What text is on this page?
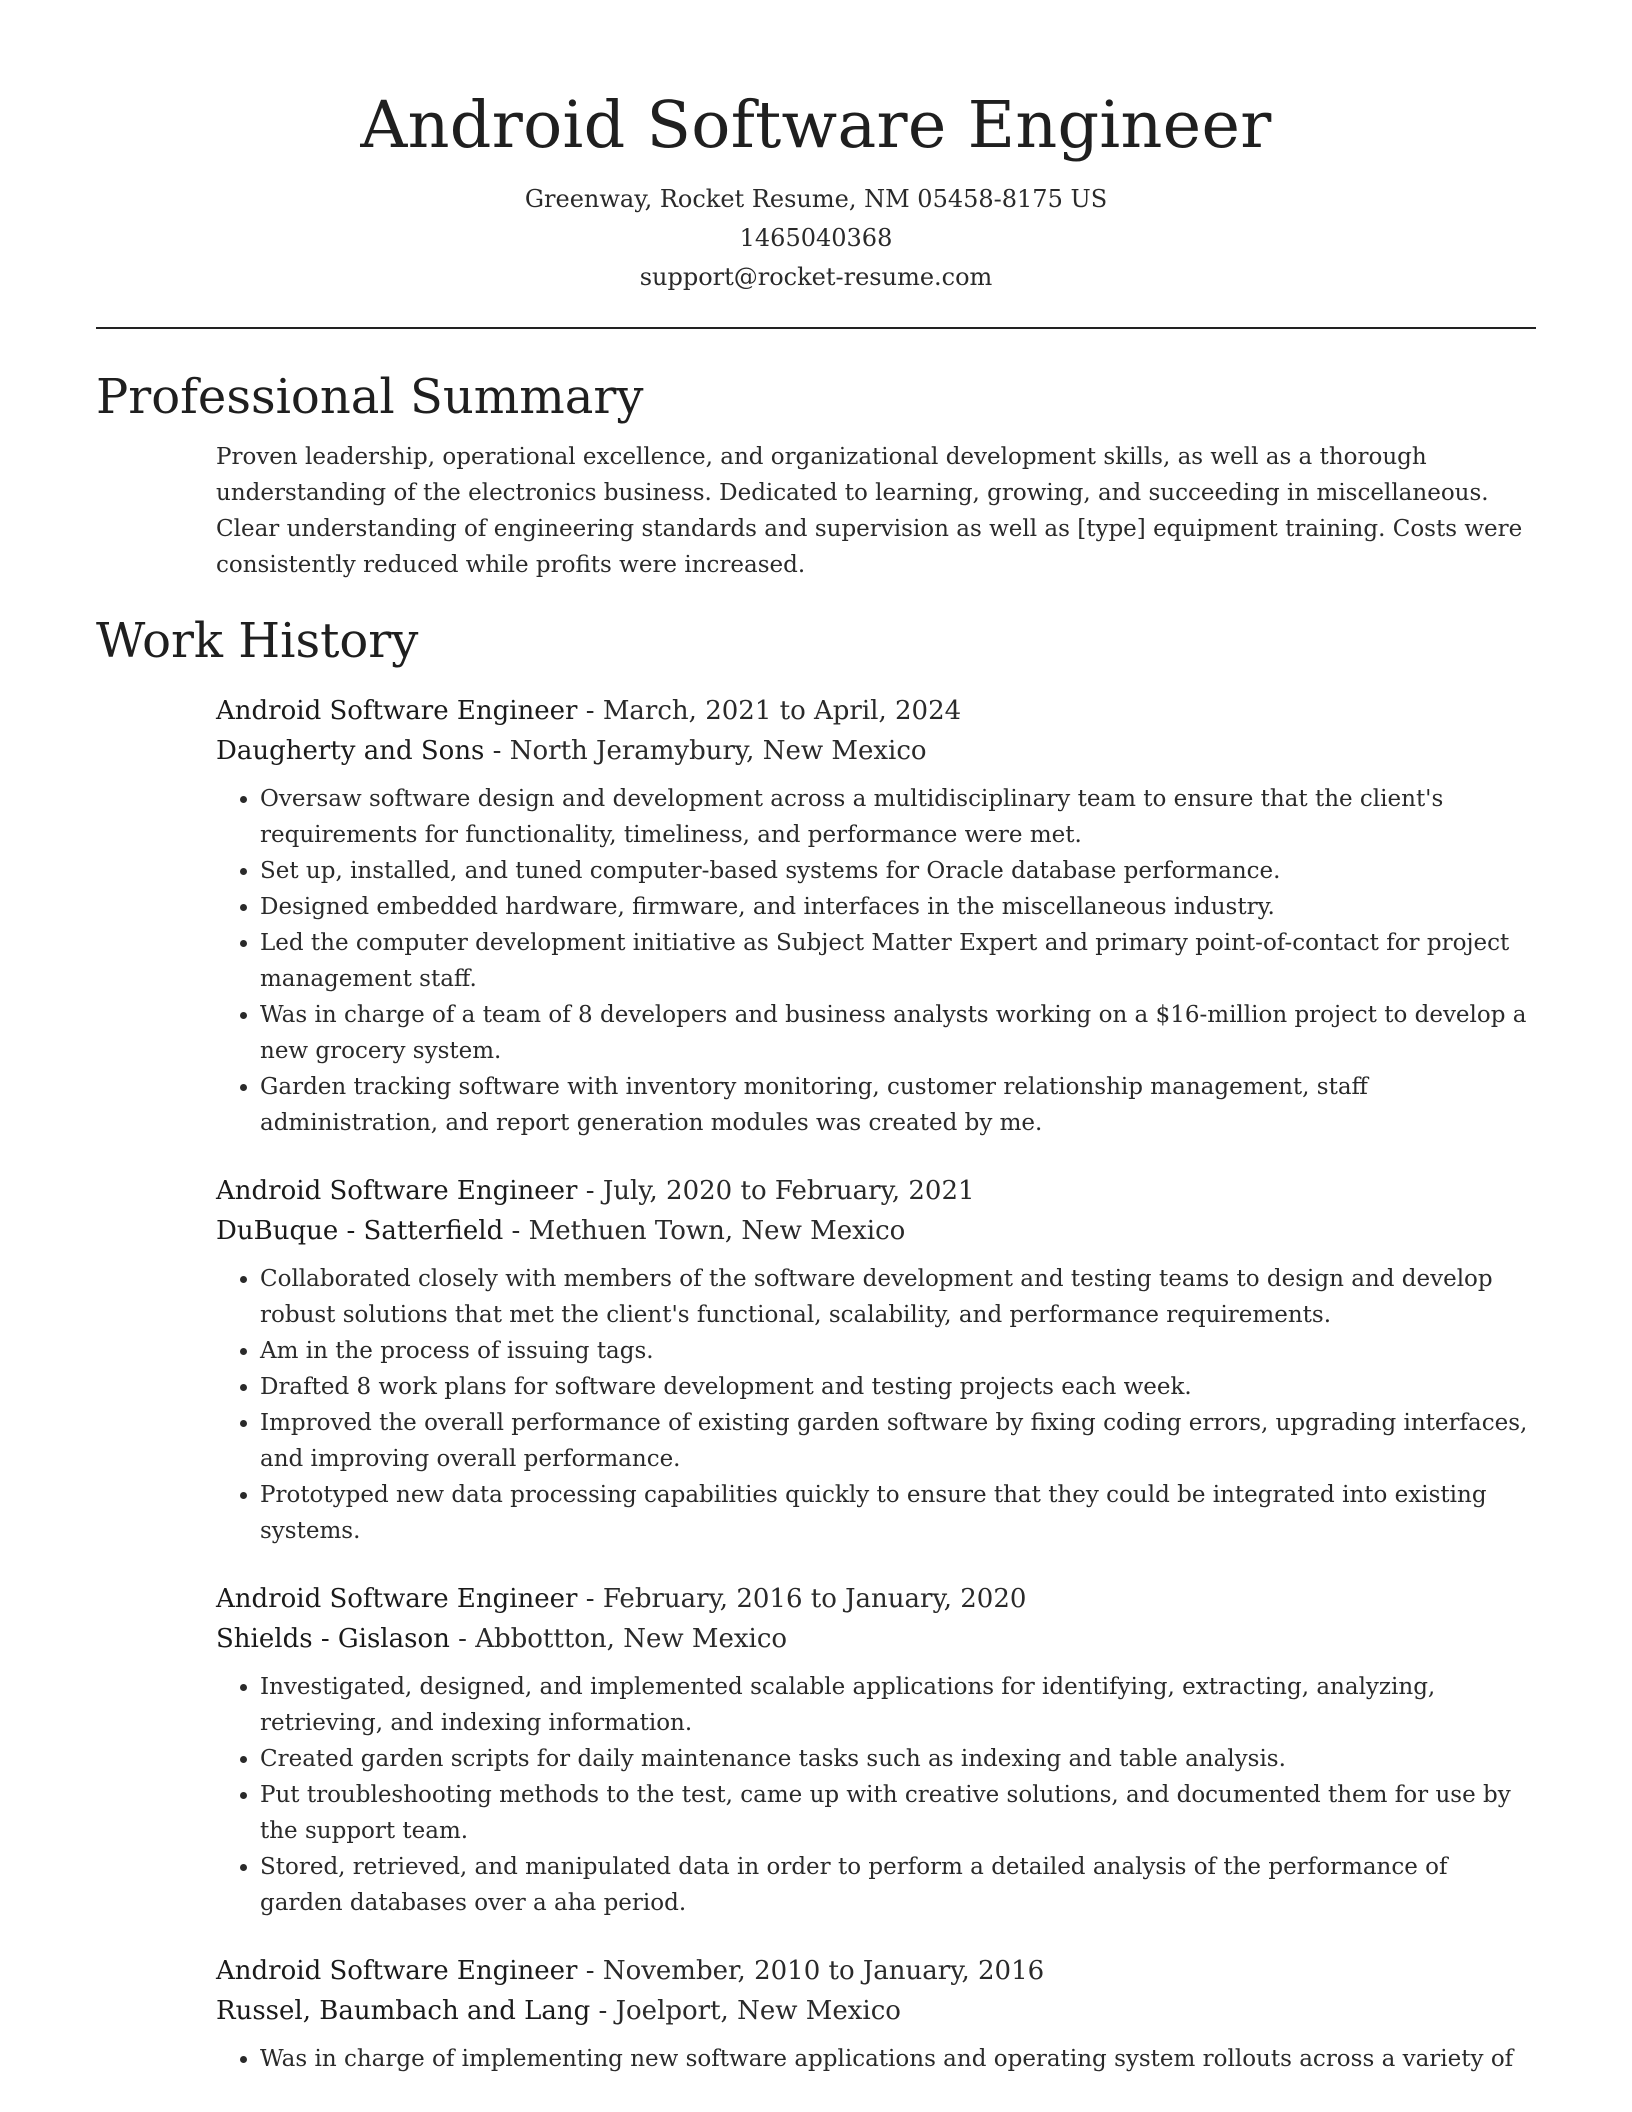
Android Software Engineer
Greenway, Rocket Resume, NM 05458-8175 US
1465040368
support@rocket-resume.com
Professional Summary

Proven leadership, operational excellence, and organizational development skills, as well as a thorough understanding of the electronics business. Dedicated to learning, growing, and succeeding in miscellaneous. Clear understanding of engineering standards and supervision as well as [type] equipment training. Costs were consistently reduced while profits were increased.

Work History
Android Software Engineer - March, 2021 to April, 2024
Daugherty and Sons - North Jeramybury, New Mexico
• Oversaw software design and development across a multidisciplinary team to ensure that the client's requirements for functionality, timeliness, and performance were met.
• Set up, installed, and tuned computer-based systems for Oracle database performance.
• Designed embedded hardware, firmware, and interfaces in the miscellaneous industry.
• Led the computer development initiative as Subject Matter Expert and primary point-of-contact for project management staff.
• Was in charge of a team of 8 developers and business analysts working on a $16-million project to develop a new grocery system.
• Garden tracking software with inventory monitoring, customer relationship management, staff administration, and report generation modules was created by me.
Android Software Engineer - July, 2020 to February, 2021
DuBuque - Satterfield - Methuen Town, New Mexico
• Collaborated closely with members of the software development and testing teams to design and develop robust solutions that met the client's functional, scalability, and performance requirements.
• Am in the process of issuing tags.
• Drafted 8 work plans for software development and testing projects each week.
• Improved the overall performance of existing garden software by fixing coding errors, upgrading interfaces, and improving overall performance.
• Prototyped new data processing capabilities quickly to ensure that they could be integrated into existing systems.
Android Software Engineer - February, 2016 to January, 2020
Shields - Gislason - Abbottton, New Mexico
• Investigated, designed, and implemented scalable applications for identifying, extracting, analyzing, retrieving, and indexing information.
• Created garden scripts for daily maintenance tasks such as indexing and table analysis.
• Put troubleshooting methods to the test, came up with creative solutions, and documented them for use by the support team.
• Stored, retrieved, and manipulated data in order to perform a detailed analysis of the performance of garden databases over a aha period.
Android Software Engineer - November, 2010 to January, 2016
Russel, Baumbach and Lang - Joelport, New Mexico
• Was in charge of implementing new software applications and operating system rollouts across a variety of
